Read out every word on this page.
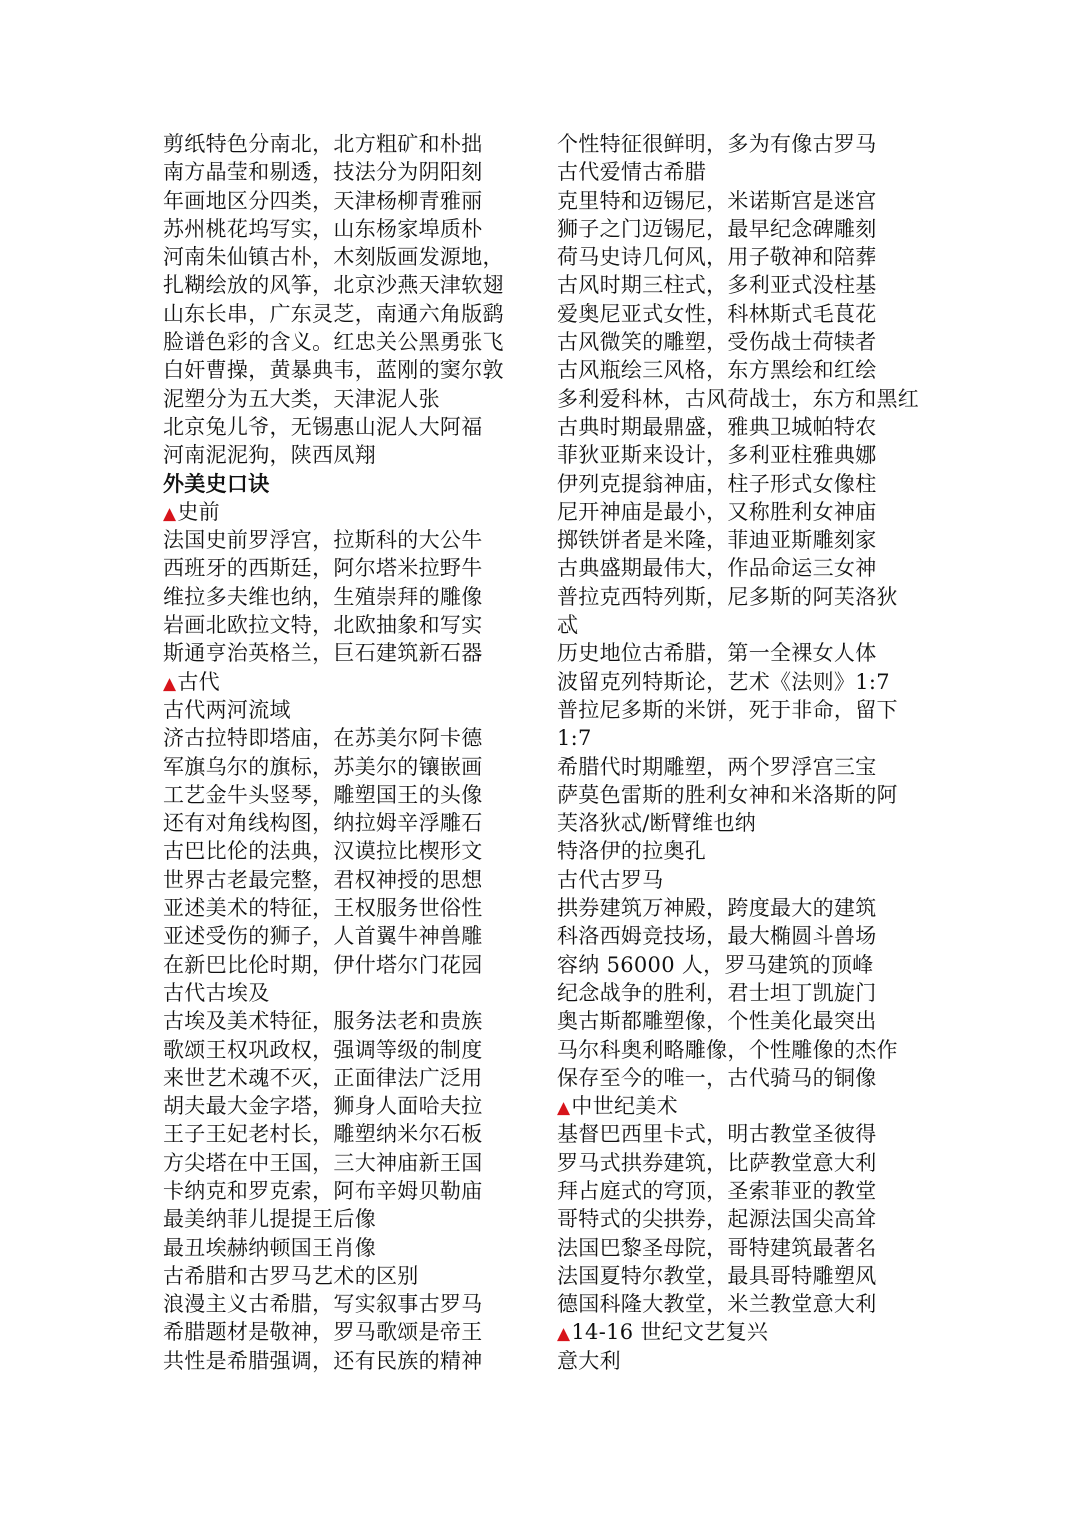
剪纸特色分南北，北方粗矿和朴拙
南方晶莹和剔透，技法分为阴阳刻
年画地区分四类，天津杨柳青雅丽
苏州桃花坞写实，山东杨家埠质朴
河南朱仙镇古朴，木刻版画发源地，
扎糊绘放的风筝，北京沙燕天津软翅
山东长串，广东灵芝，南通六角版鹞
脸谱色彩的含义。红忠关公黑勇张飞
白奸曹操，黄暴典韦，蓝刚的窦尔敦
泥塑分为五大类，天津泥人张
北京兔儿爷，无锡惠山泥人大阿福
河南泥泥狗，陕西凤翔
外美史口诀
▲史前
法国史前罗浮宫，拉斯科的大公牛
西班牙的西斯廷，阿尔塔米拉野牛
维拉多夫维也纳，生殖崇拜的雕像
岩画北欧拉文特，北欧抽象和写实
斯通亨治英格兰，巨石建筑新石器
▲古代
古代两河流域
济古拉特即塔庙，在苏美尔阿卡德
军旗乌尔的旗标，苏美尔的镶嵌画
工艺金牛头竖琴，雕塑国王的头像
还有对角线构图，纳拉姆辛浮雕石
古巴比伦的法典，汉谟拉比楔形文
世界古老最完整，君权神授的思想
亚述美术的特征，王权服务世俗性
亚述受伤的狮子，人首翼牛神兽雕
在新巴比伦时期，伊什塔尔门花园
古代古埃及
古埃及美术特征，服务法老和贵族
歌颂王权巩政权，强调等级的制度
来世艺术魂不灭，正面律法广泛用
胡夫最大金字塔，狮身人面哈夫拉
王子王妃老村长，雕塑纳米尔石板
方尖塔在中王国，三大神庙新王国
卡纳克和罗克索，阿布辛姆贝勒庙
最美纳菲儿提提王后像
最丑埃赫纳顿国王肖像
古希腊和古罗马艺术的区别
浪漫主义古希腊，写实叙事古罗马
希腊题材是敬神，罗马歌颂是帝王
共性是希腊强调，还有民族的精神
个性特征很鲜明，多为有像古罗马
古代爱情古希腊
克里特和迈锡尼，米诺斯宫是迷宫
狮子之门迈锡尼，最早纪念碑雕刻
荷马史诗几何风，用子敬神和陪葬
古风时期三柱式，多利亚式没柱基
爱奥尼亚式女性，科林斯式毛茛花
古风微笑的雕塑，受伤战士荷犊者
古风瓶绘三风格，东方黑绘和红绘
多利爱科林，古风荷战士，东方和黑红
古典时期最鼎盛，雅典卫城帕特农
菲狄亚斯来设计，多利亚柱雅典娜
伊列克提翁神庙，柱子形式女像柱
尼开神庙是最小，又称胜利女神庙
掷铁饼者是米隆，菲迪亚斯雕刻家
古典盛期最伟大，作品命运三女神
普拉克西特列斯，尼多斯的阿芙洛狄
忒
历史地位古希腊，第一全裸女人体
波留克列特斯论，艺术《法则》1:7
普拉尼多斯的米饼，死于非命，留下
1:7
希腊代时期雕塑，两个罗浮宫三宝
萨莫色雷斯的胜利女神和米洛斯的阿
芙洛狄忒/断臂维也纳
特洛伊的拉奥孔
古代古罗马
拱券建筑万神殿，跨度最大的建筑
科洛西姆竞技场，最大椭圆斗兽场
容纳 56000 人，罗马建筑的顶峰
纪念战争的胜利，君士坦丁凯旋门
奥古斯都雕塑像，个性美化最突出
马尔科奥利略雕像，个性雕像的杰作
保存至今的唯一，古代骑马的铜像
▲中世纪美术
基督巴西里卡式，明古教堂圣彼得
罗马式拱券建筑，比萨教堂意大利
拜占庭式的穹顶，圣索菲亚的教堂
哥特式的尖拱券，起源法国尖高耸
法国巴黎圣母院，哥特建筑最著名
法国夏特尔教堂，最具哥特雕塑风
德国科隆大教堂，米兰教堂意大利
▲14-16 世纪文艺复兴
意大利
